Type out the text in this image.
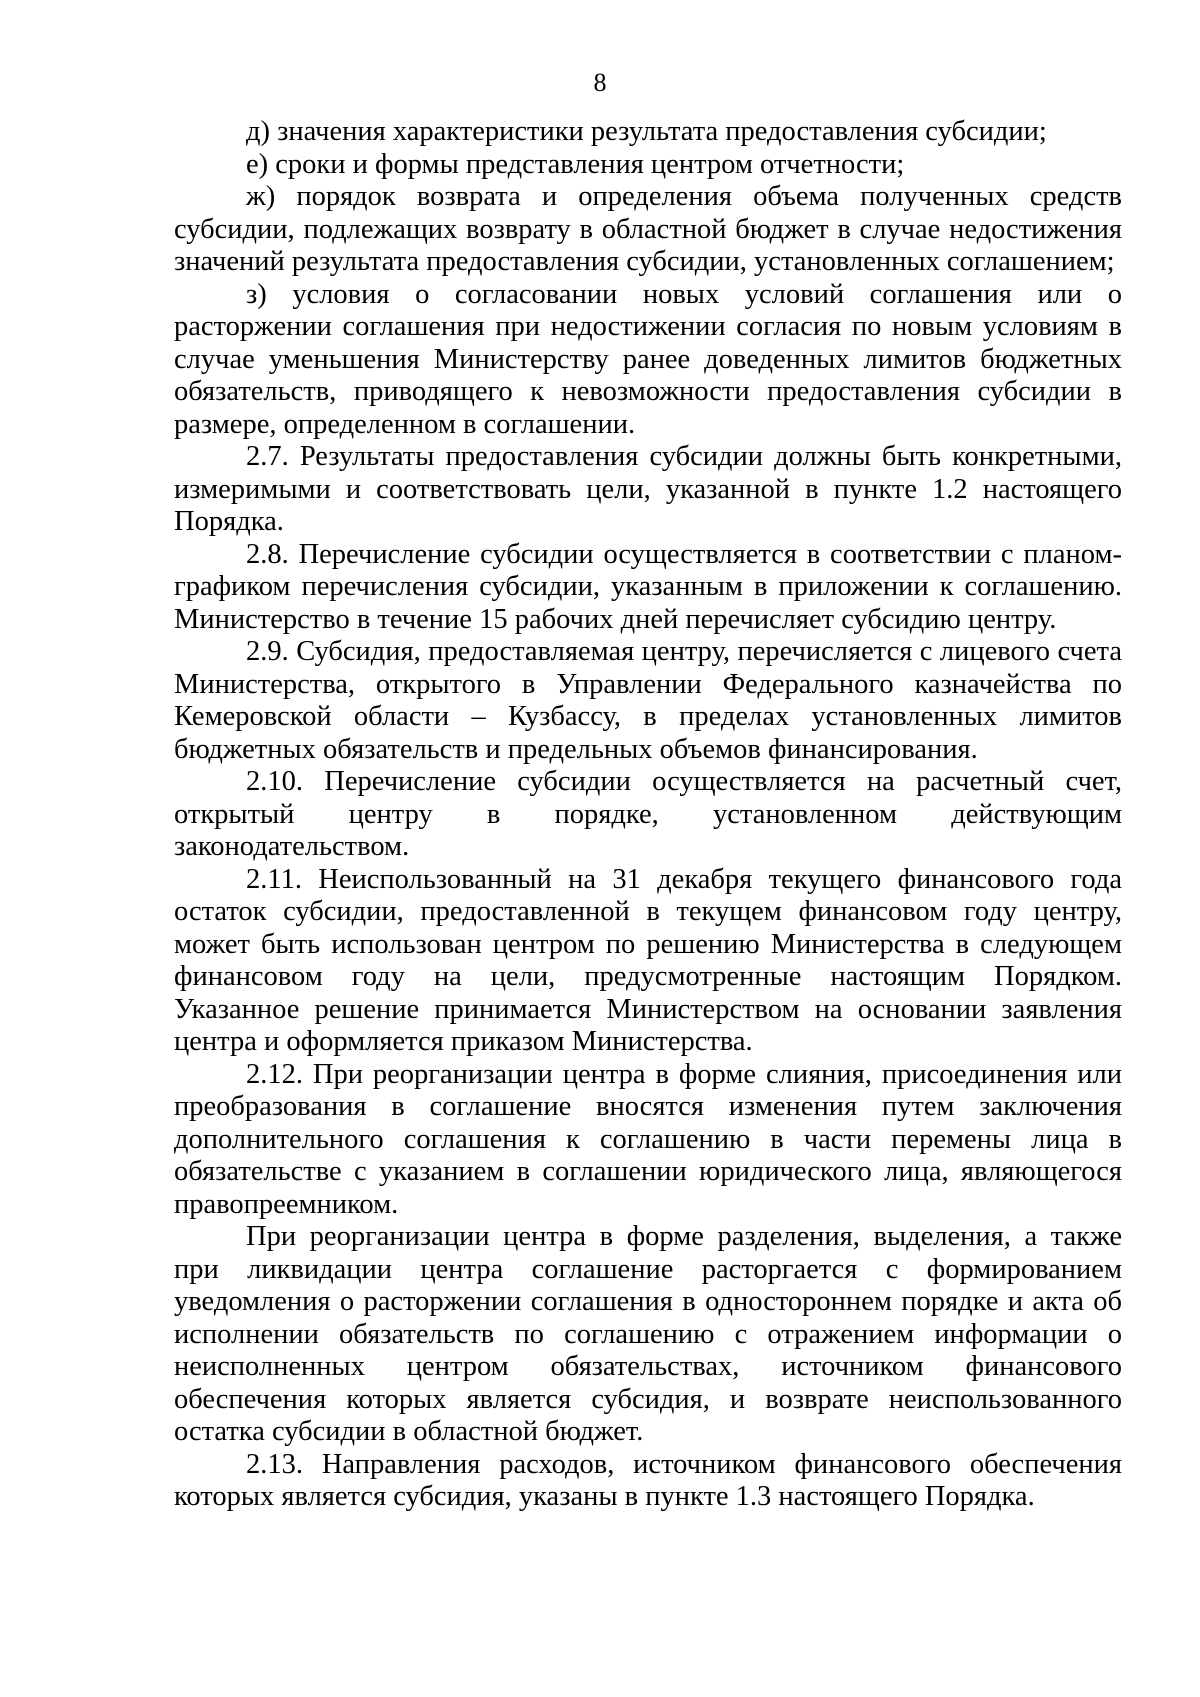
8

д) значения характеристики результата предоставления субсидии;

е) сроки и формы представления центром отчетности;

ж) порядок возврата и определения объема полученных средств субсидии, подлежащих возврату в областной бюджет в случае недостижения значений результата предоставления субсидии, установленных соглашением;

з) условия о согласовании новых условий соглашения или о расторжении соглашения при недостижении согласия по новым условиям в случае уменьшения Министерству ранее доведенных лимитов бюджетных обязательств, приводящего к невозможности предоставления субсидии в размере, определенном в соглашении.

2.7. Результаты предоставления субсидии должны быть конкретными, измеримыми и соответствовать цели, указанной в пункте 1.2 настоящего Порядка.

2.8. Перечисление субсидии осуществляется в соответствии с планом-графиком перечисления субсидии, указанным в приложении к соглашению. Министерство в течение 15 рабочих дней перечисляет субсидию центру.

2.9. Субсидия, предоставляемая центру, перечисляется с лицевого счета Министерства, открытого в Управлении Федерального казначейства по Кемеровской области – Кузбассу, в пределах установленных лимитов бюджетных обязательств и предельных объемов финансирования.

2.10. Перечисление субсидии осуществляется на расчетный счет, открытый центру в порядке, установленном действующим законодательством.

2.11. Неиспользованный на 31 декабря текущего финансового года остаток субсидии, предоставленной в текущем финансовом году центру, может быть использован центром по решению Министерства в следующем финансовом году на цели, предусмотренные настоящим Порядком. Указанное решение принимается Министерством на основании заявления центра и оформляется приказом Министерства.

2.12. При реорганизации центра в форме слияния, присоединения или преобразования в соглашение вносятся изменения путем заключения дополнительного соглашения к соглашению в части перемены лица в обязательстве с указанием в соглашении юридического лица, являющегося правопреемником.

При реорганизации центра в форме разделения, выделения, а также при ликвидации центра соглашение расторгается с формированием уведомления о расторжении соглашения в одностороннем порядке и акта об исполнении обязательств по соглашению с отражением информации о неисполненных центром обязательствах, источником финансового обеспечения которых является субсидия, и возврате неиспользованного остатка субсидии в областной бюджет.

2.13. Направления расходов, источником финансового обеспечения которых является субсидия, указаны в пункте 1.3 настоящего Порядка.
